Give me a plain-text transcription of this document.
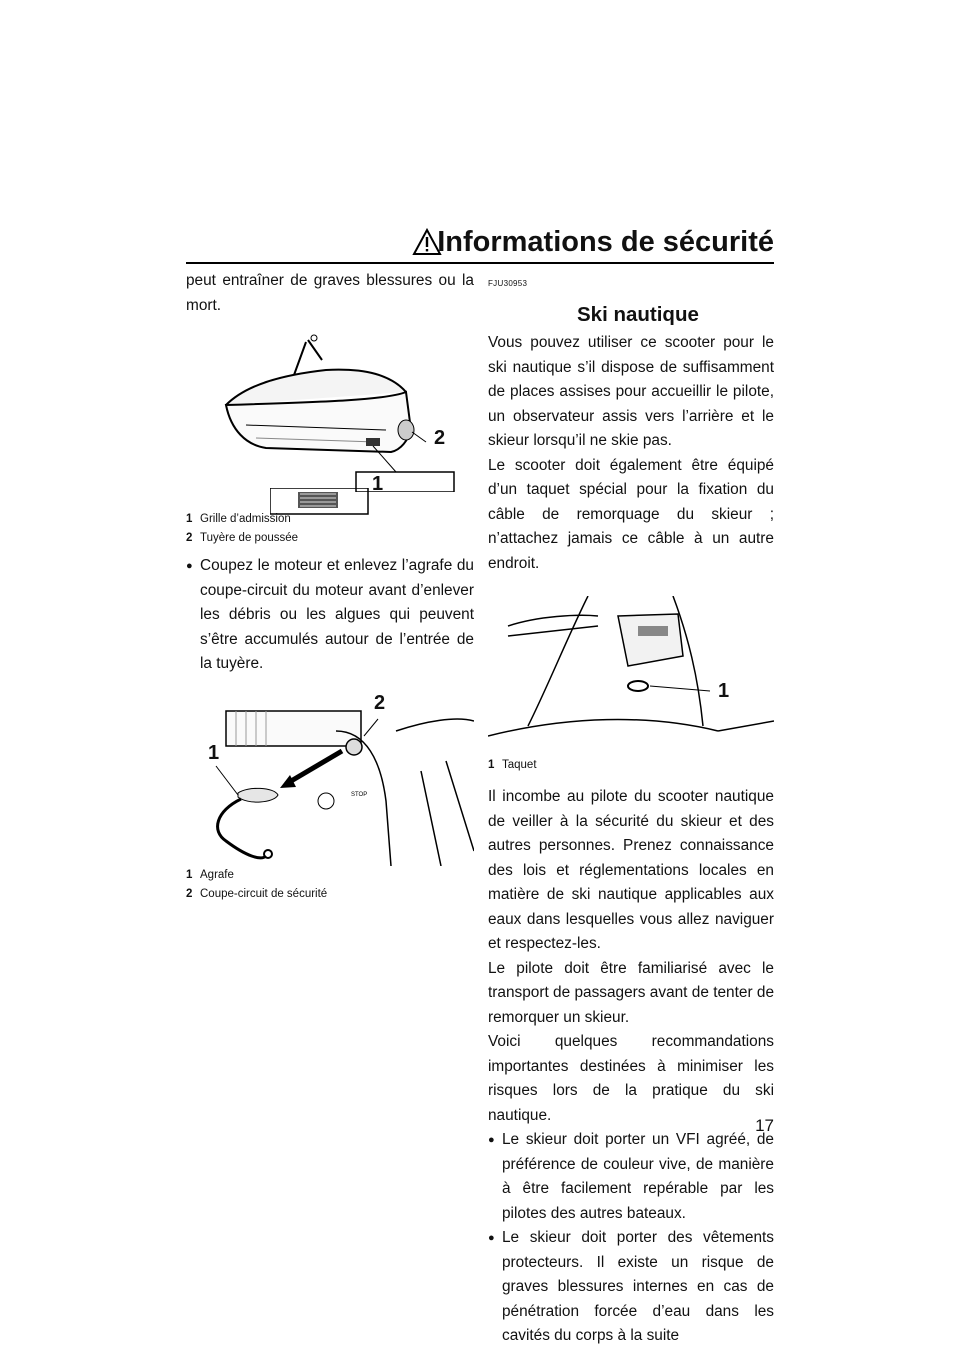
Informations de sécurité

peut entraîner de graves blessures ou la mort.

2
1

1 Grille d’admission

2 Tuyère de poussée

● Coupez le moteur et enlevez l’agrafe du coupe-circuit du moteur avant d’enlever les débris ou les algues qui peuvent s’être accumulés autour de l’entrée de la tuyère.

STOP
2
1

1 Agrafe

2 Coupe-circuit de sécurité

FJU30953
Ski nautique

Vous pouvez utiliser ce scooter pour le ski nautique s’il dispose de suffisamment de places assises pour accueillir le pilote, un observateur assis vers l’arrière et le skieur lorsqu’il ne skie pas.

Le scooter doit également être équipé d’un taquet spécial pour la fixation du câble de remorquage du skieur ; n’attachez jamais ce câble à un autre endroit.

1

1 Taquet

Il incombe au pilote du scooter nautique de veiller à la sécurité du skieur et des autres personnes. Prenez connaissance des lois et réglementations locales en matière de ski nautique applicables aux eaux dans lesquelles vous allez naviguer et respectez-les.

Le pilote doit être familiarisé avec le transport de passagers avant de tenter de remorquer un skieur.

Voici quelques recommandations importantes destinées à minimiser les risques lors de la pratique du ski nautique.

● Le skieur doit porter un VFI agréé, de préférence de couleur vive, de manière à être facilement repérable par les pilotes des autres bateaux.

● Le skieur doit porter des vêtements protecteurs. Il existe un risque de graves blessures internes en cas de pénétration forcée d’eau dans les cavités du corps à la suite

17
